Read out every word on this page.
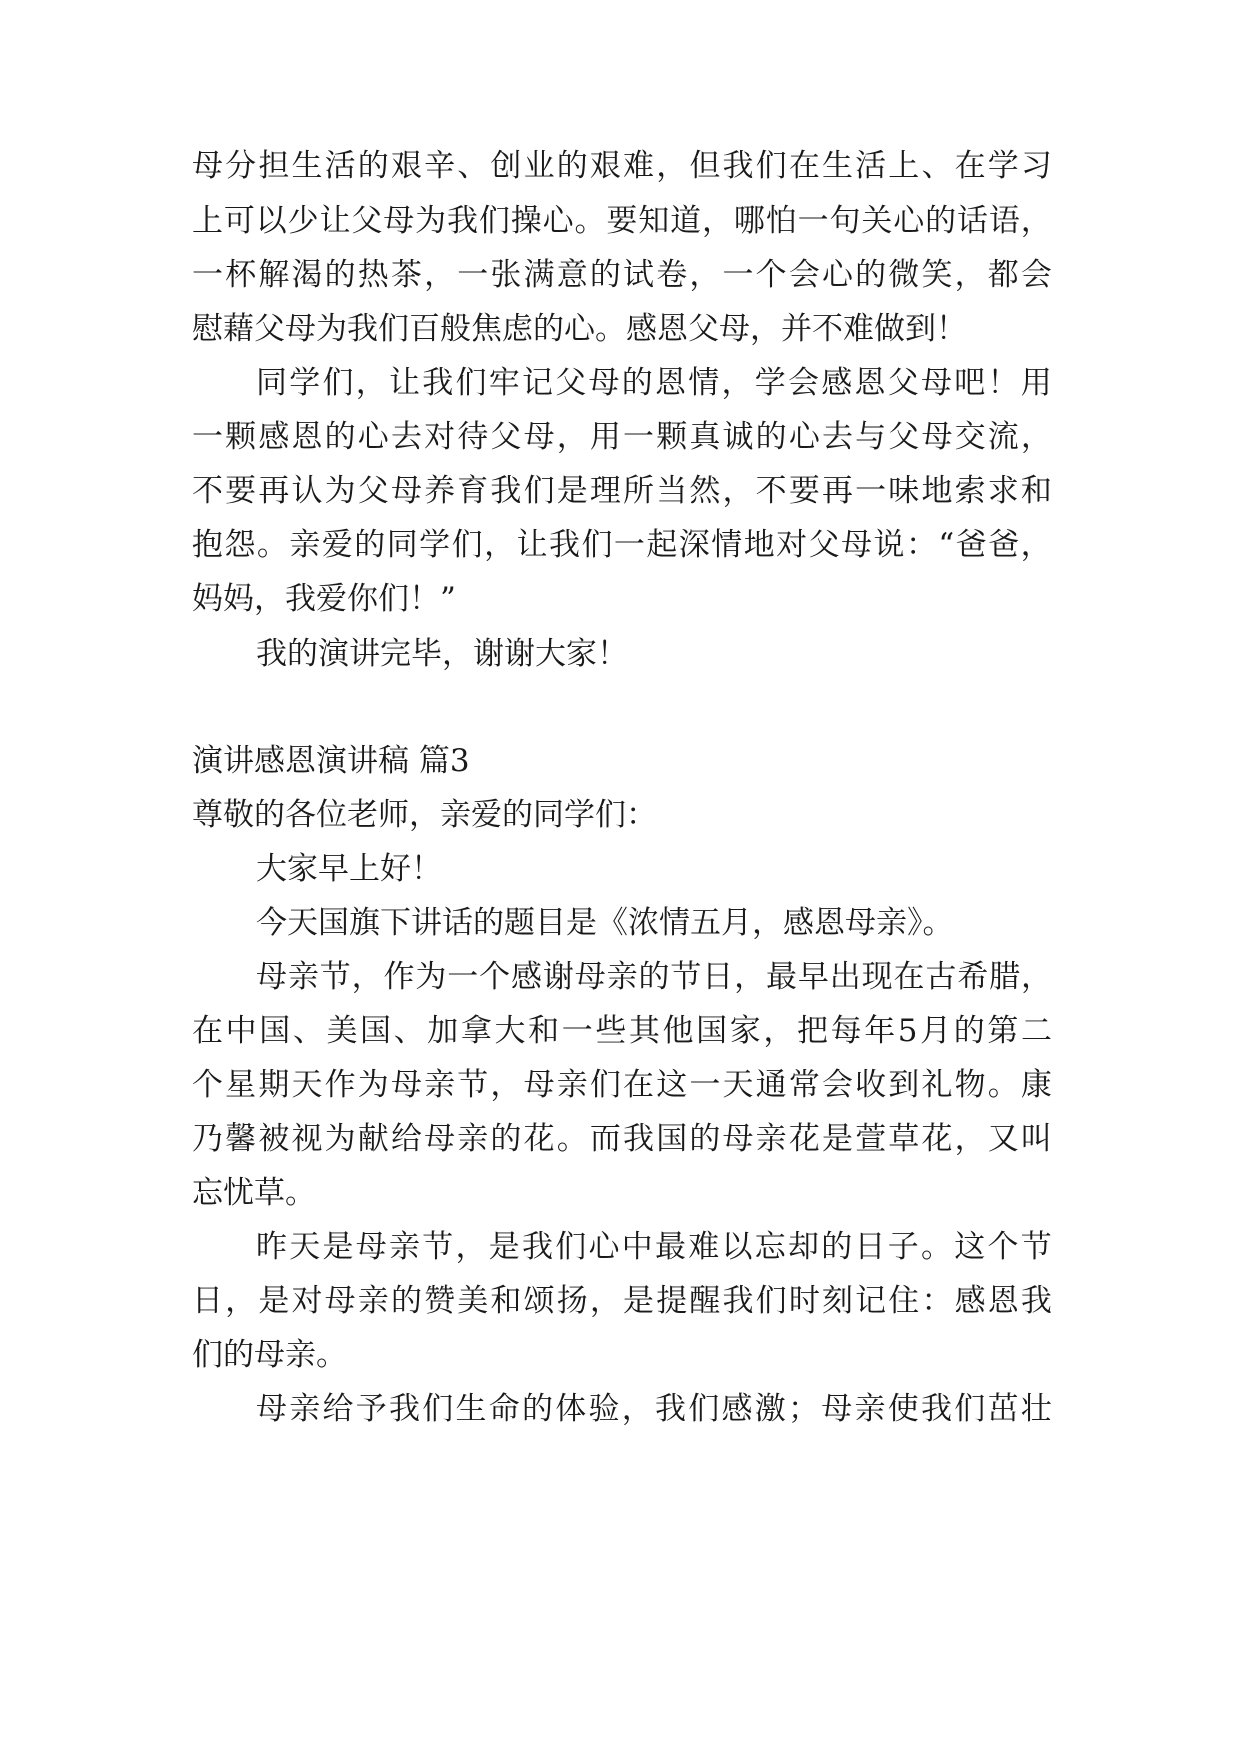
母 分 担 生 活 的 艰 辛 、 创 业 的 艰 难 ， 但 我 们 在 生 活 上 、 在 学 习
上 可 以 少 让 父 母 为 我 们 操 心 。 要 知 道 ， 哪 怕 一 句 关 心 的 话 语 ，
一 杯 解 渴 的 热 茶 ， 一 张 满 意 的 试 卷 ， 一 个 会 心 的 微 笑 ， 都 会
慰藉父母为我们百般焦虑的心。感恩父母，并不难做到！
同 学 们 ， 让 我 们 牢 记 父 母 的 恩 情 ， 学 会 感 恩 父 母 吧 ！ 用
一 颗 感 恩 的 心 去 对 待 父 母 ， 用 一 颗 真 诚 的 心 去 与 父 母 交 流 ，
不 要 再 认 为 父 母 养 育 我 们 是 理 所 当 然 ， 不 要 再 一 味 地 索 求 和
抱 怨 。 亲 爱 的 同 学 们 ， 让 我 们 一 起 深 情 地 对 父 母 说 ： “ 爸 爸 ，
妈妈，我爱你们！”
我的演讲完毕，谢谢大家！
演讲感恩演讲稿 篇3
尊敬的各位老师，亲爱的同学们：
大家早上好！
今天国旗下讲话的题目是《浓情五月，感恩母亲》。
母 亲 节 ， 作 为 一 个 感 谢 母 亲 的 节 日 ， 最 早 出 现 在 古 希 腊 ，
在 中 国 、 美 国 、 加 拿 大 和 一 些 其 他 国 家 ， 把 每 年 5 月 的 第 二
个 星 期 天 作 为 母 亲 节 ， 母 亲 们 在 这 一 天 通 常 会 收 到 礼 物 。 康
乃 馨 被 视 为 献 给 母 亲 的 花 。 而 我 国 的 母 亲 花 是 萱 草 花 ， 又 叫
忘忧草。
昨 天 是 母 亲 节 ， 是 我 们 心 中 最 难 以 忘 却 的 日 子 。 这 个 节
日 ， 是 对 母 亲 的 赞 美 和 颂 扬 ， 是 提 醒 我 们 时 刻 记 住 ： 感 恩 我
们的母亲。
母 亲 给 予 我 们 生 命 的 体 验 ， 我 们 感 激 ； 母 亲 使 我 们 茁 壮
